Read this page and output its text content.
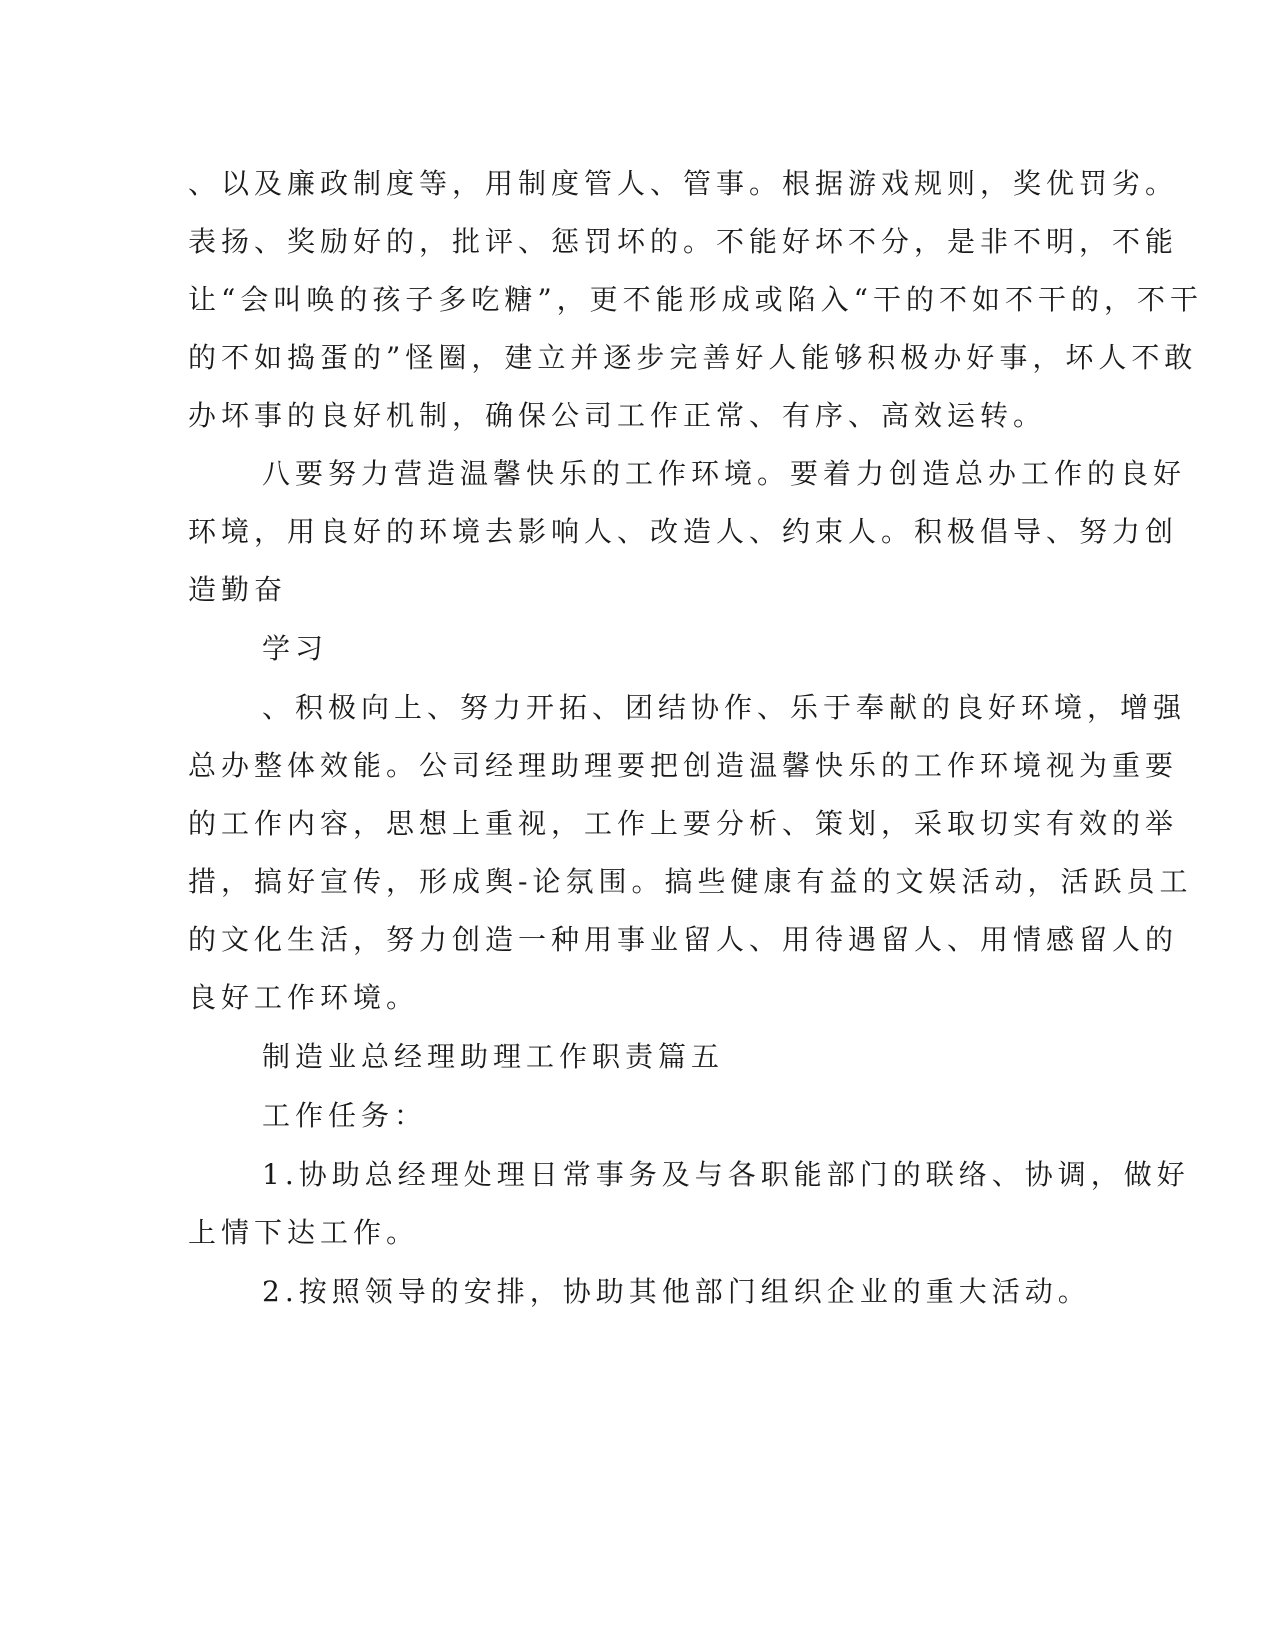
、以及廉政制度等，用制度管人、管事。根据游戏规则，奖优罚劣。
表扬、奖励好的，批评、惩罚坏的。不能好坏不分，是非不明，不能
让“会叫唤的孩子多吃糖”，更不能形成或陷入“干的不如不干的，不干
的不如捣蛋的”怪圈，建立并逐步完善好人能够积极办好事，坏人不敢
办坏事的良好机制，确保公司工作正常、有序、高效运转。
八要努力营造温馨快乐的工作环境。要着力创造总办工作的良好
环境，用良好的环境去影响人、改造人、约束人。积极倡导、努力创
造勤奋
学习
、积极向上、努力开拓、团结协作、乐于奉献的良好环境，增强
总办整体效能。公司经理助理要把创造温馨快乐的工作环境视为重要
的工作内容，思想上重视，工作上要分析、策划，采取切实有效的举
措，搞好宣传，形成舆-论氛围。搞些健康有益的文娱活动，活跃员工
的文化生活，努力创造一种用事业留人、用待遇留人、用情感留人的
良好工作环境。
制造业总经理助理工作职责篇五
工作任务：
1.协助总经理处理日常事务及与各职能部门的联络、协调，做好
上情下达工作。
2.按照领导的安排，协助其他部门组织企业的重大活动。
